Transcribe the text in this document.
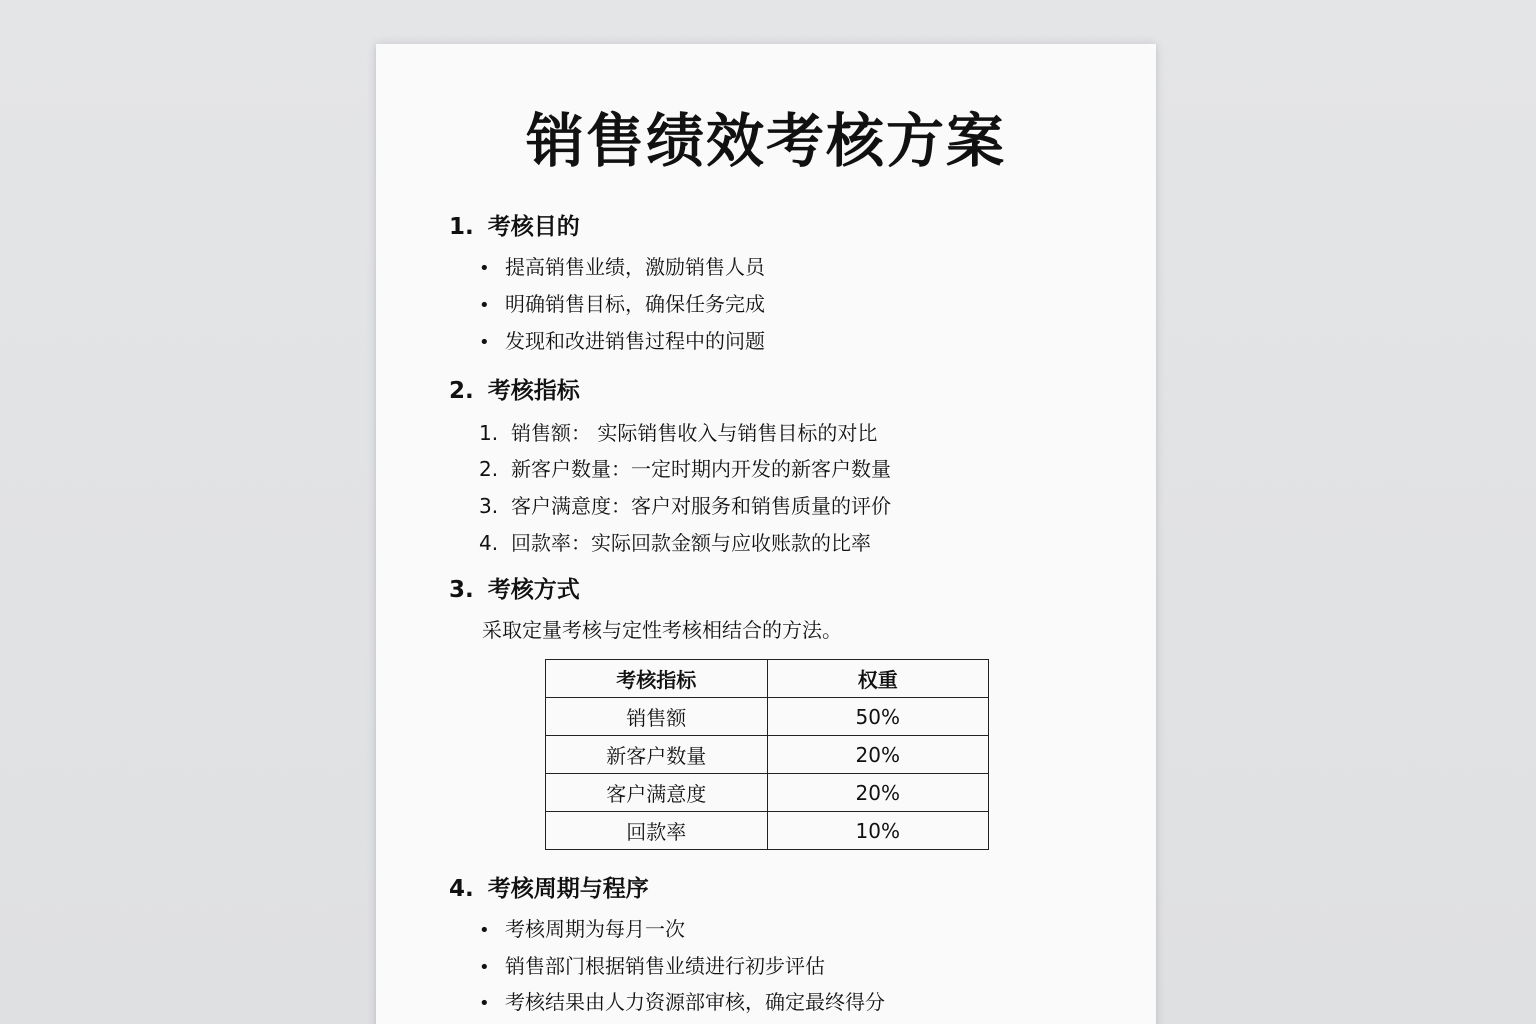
销售绩效考核方案
1. 考核目的
• 提高销售业绩，激励销售人员
• 明确销售目标，确保任务完成
• 发现和改进销售过程中的问题
2. 考核指标
1. 销售额： 实际销售收入与销售目标的对比
2. 新客户数量：一定时期内开发的新客户数量
3. 客户满意度：客户对服务和销售质量的评价
4. 回款率：实际回款金额与应收账款的比率
3. 考核方式
采取定量考核与定性考核相结合的方法。
考核指标	权重
销售额	50%
新客户数量	20%
客户满意度	20%
回款率	10%
4. 考核周期与程序
• 考核周期为每月一次
• 销售部门根据销售业绩进行初步评估
• 考核结果由人力资源部审核，确定最终得分
